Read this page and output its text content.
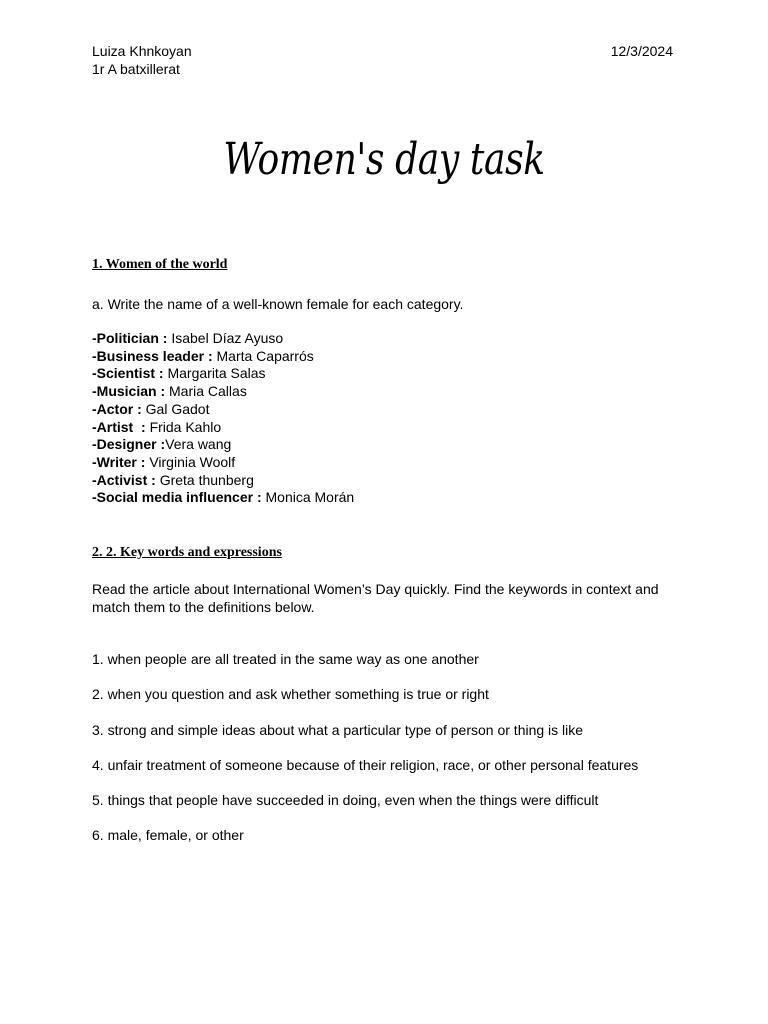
Luiza Khnkoyan
1r A batxillerat
12/3/2024
Women's day task
1. Women of the world
a. Write the name of a well-known female for each category.
-Politician : Isabel Díaz Ayuso
-Business leader : Marta Caparrós
-Scientist : Margarita Salas
-Musician : Maria Callas
-Actor : Gal Gadot
-Artist  : Frida Kahlo
-Designer :Vera wang
-Writer : Virginia Woolf
-Activist : Greta thunberg
-Social media influencer : Monica Morán
2. 2. Key words and expressions
Read the article about International Women’s Day quickly. Find the keywords in context and match them to the definitions below.
1. when people are all treated in the same way as one another
2. when you question and ask whether something is true or right
3. strong and simple ideas about what a particular type of person or thing is like
4. unfair treatment of someone because of their religion, race, or other personal features
5. things that people have succeeded in doing, even when the things were difficult
6. male, female, or other
